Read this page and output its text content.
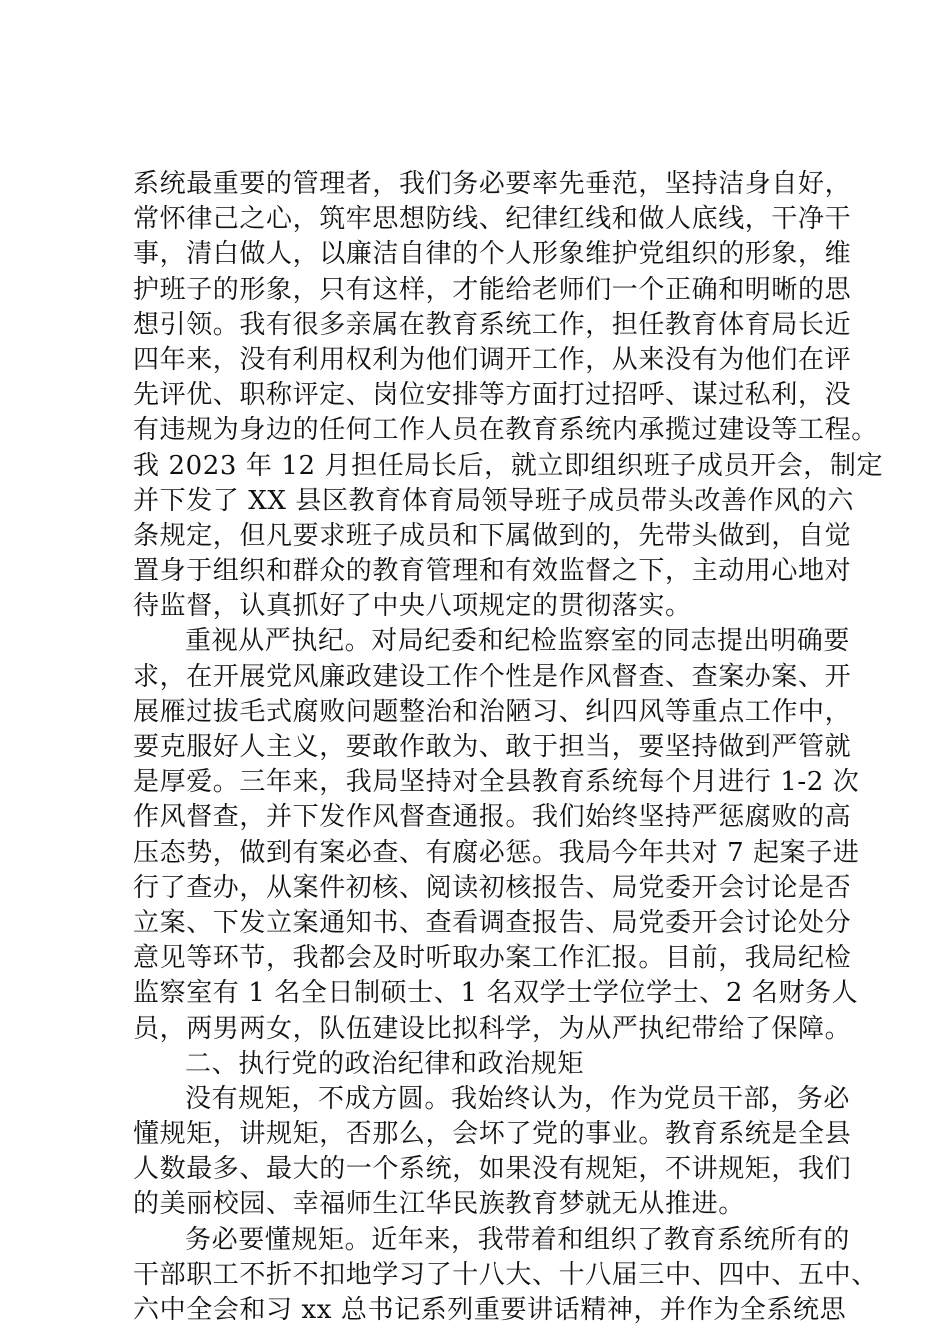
系统最重要的管理者，我们务必要率先垂范，坚持洁身自好，
常怀律己之心，筑牢思想防线、纪律红线和做人底线，干净干
事，清白做人，以廉洁自律的个人形象维护党组织的形象，维
护班子的形象，只有这样，才能给老师们一个正确和明晰的思
想引领。我有很多亲属在教育系统工作，担任教育体育局长近
四年来，没有利用权利为他们调开工作，从来没有为他们在评
先评优、职称评定、岗位安排等方面打过招呼、谋过私利，没
有违规为身边的任何工作人员在教育系统内承揽过建设等工程。
我 2023 年 12 月担任局长后，就立即组织班子成员开会，制定
并下发了 XX 县区教育体育局领导班子成员带头改善作风的六
条规定，但凡要求班子成员和下属做到的，先带头做到，自觉
置身于组织和群众的教育管理和有效监督之下，主动用心地对
待监督，认真抓好了中央八项规定的贯彻落实。
重视从严执纪。对局纪委和纪检监察室的同志提出明确要
求，在开展党风廉政建设工作个性是作风督查、查案办案、开
展雁过拔毛式腐败问题整治和治陋习、纠四风等重点工作中，
要克服好人主义，要敢作敢为、敢于担当，要坚持做到严管就
是厚爱。三年来，我局坚持对全县教育系统每个月进行 1-2 次
作风督查，并下发作风督查通报。我们始终坚持严惩腐败的高
压态势，做到有案必查、有腐必惩。我局今年共对 7 起案子进
行了查办，从案件初核、阅读初核报告、局党委开会讨论是否
立案、下发立案通知书、查看调查报告、局党委开会讨论处分
意见等环节，我都会及时听取办案工作汇报。目前，我局纪检
监察室有 1 名全日制硕士、1 名双学士学位学士、2 名财务人
员，两男两女，队伍建设比拟科学，为从严执纪带给了保障。
二、执行党的政治纪律和政治规矩
没有规矩，不成方圆。我始终认为，作为党员干部，务必
懂规矩，讲规矩，否那么，会坏了党的事业。教育系统是全县
人数最多、最大的一个系统，如果没有规矩，不讲规矩，我们
的美丽校园、幸福师生江华民族教育梦就无从推进。
务必要懂规矩。近年来，我带着和组织了教育系统所有的
干部职工不折不扣地学习了十八大、十八届三中、四中、五中、
六中全会和习 xx 总书记系列重要讲话精神，并作为全系统思
